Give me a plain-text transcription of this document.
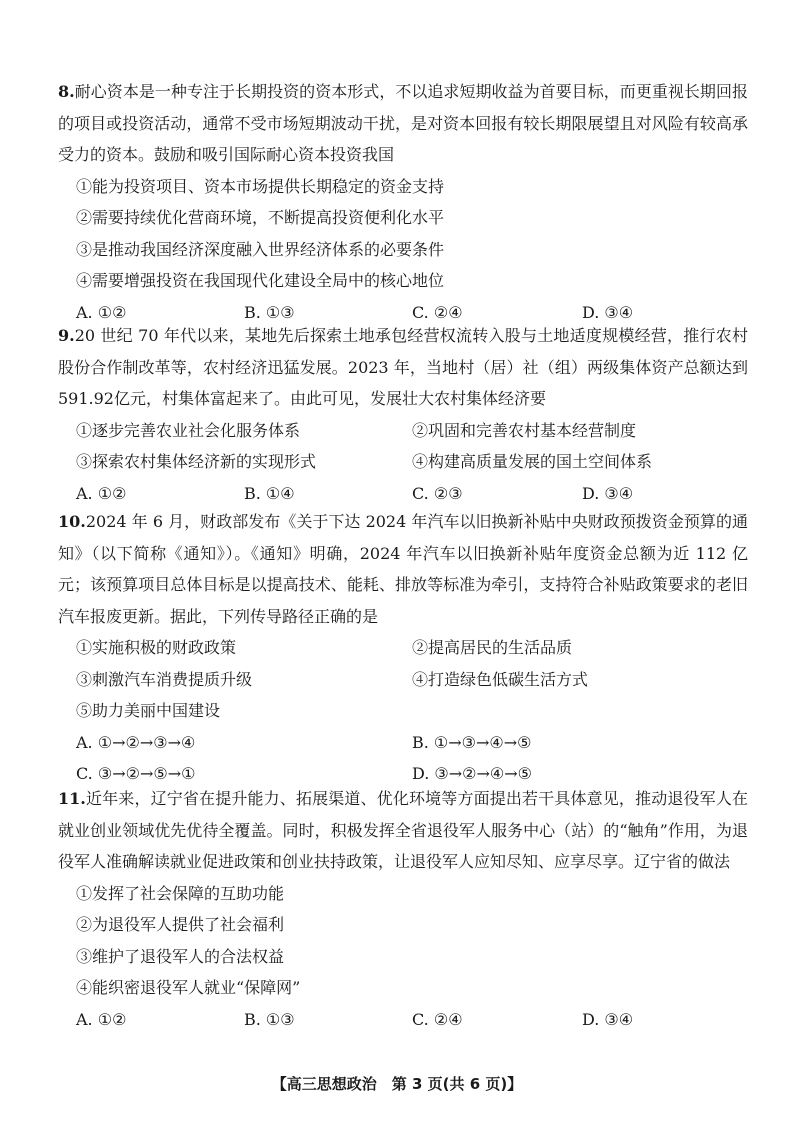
8.耐心资本是一种专注于长期投资的资本形式，不以追求短期收益为首要目标，而更重视长期回报的项目或投资活动，通常不受市场短期波动干扰，是对资本回报有较长期限展望且对风险有较高承受力的资本。鼓励和吸引国际耐心资本投资我国

①能为投资项目、资本市场提供长期稳定的资金支持

②需要持续优化营商环境，不断提高投资便利化水平

③是推动我国经济深度融入世界经济体系的必要条件

④需要增强投资在我国现代化建设全局中的核心地位

A. ①②	B. ①③	C. ②④	D. ③④

9.20 世纪 70 年代以来，某地先后探索土地承包经营权流转入股与土地适度规模经营，推行农村股份合作制改革等，农村经济迅猛发展。2023 年，当地村（居）社（组）两级集体资产总额达到591.92亿元，村集体富起来了。由此可见，发展壮大农村集体经济要

①逐步完善农业社会化服务体系	②巩固和完善农村基本经营制度
③探索农村集体经济新的实现形式	④构建高质量发展的国土空间体系
A. ①②	B. ①④	C. ②③	D. ③④

10.2024 年 6 月，财政部发布《关于下达 2024 年汽车以旧换新补贴中央财政预拨资金预算的通知》（以下简称《通知》）。《通知》明确，2024 年汽车以旧换新补贴年度资金总额为近 112 亿元；该预算项目总体目标是以提高技术、能耗、排放等标准为牵引，支持符合补贴政策要求的老旧汽车报废更新。据此，下列传导路径正确的是

①实施积极的财政政策	②提高居民的生活品质
③刺激汽车消费提质升级	④打造绿色低碳生活方式

⑤助力美丽中国建设

A. ①→②→③→④	B. ①→③→④→⑤
C. ③→②→⑤→①	D. ③→②→④→⑤

11.近年来，辽宁省在提升能力、拓展渠道、优化环境等方面提出若干具体意见，推动退役军人在就业创业领域优先优待全覆盖。同时，积极发挥全省退役军人服务中心（站）的“触角”作用，为退役军人准确解读就业促进政策和创业扶持政策，让退役军人应知尽知、应享尽享。辽宁省的做法

①发挥了社会保障的互助功能

②为退役军人提供了社会福利

③维护了退役军人的合法权益

④能织密退役军人就业“保障网”

A. ①②	B. ①③	C. ②④	D. ③④
【高三思想政治　第 3 页(共 6 页)】
